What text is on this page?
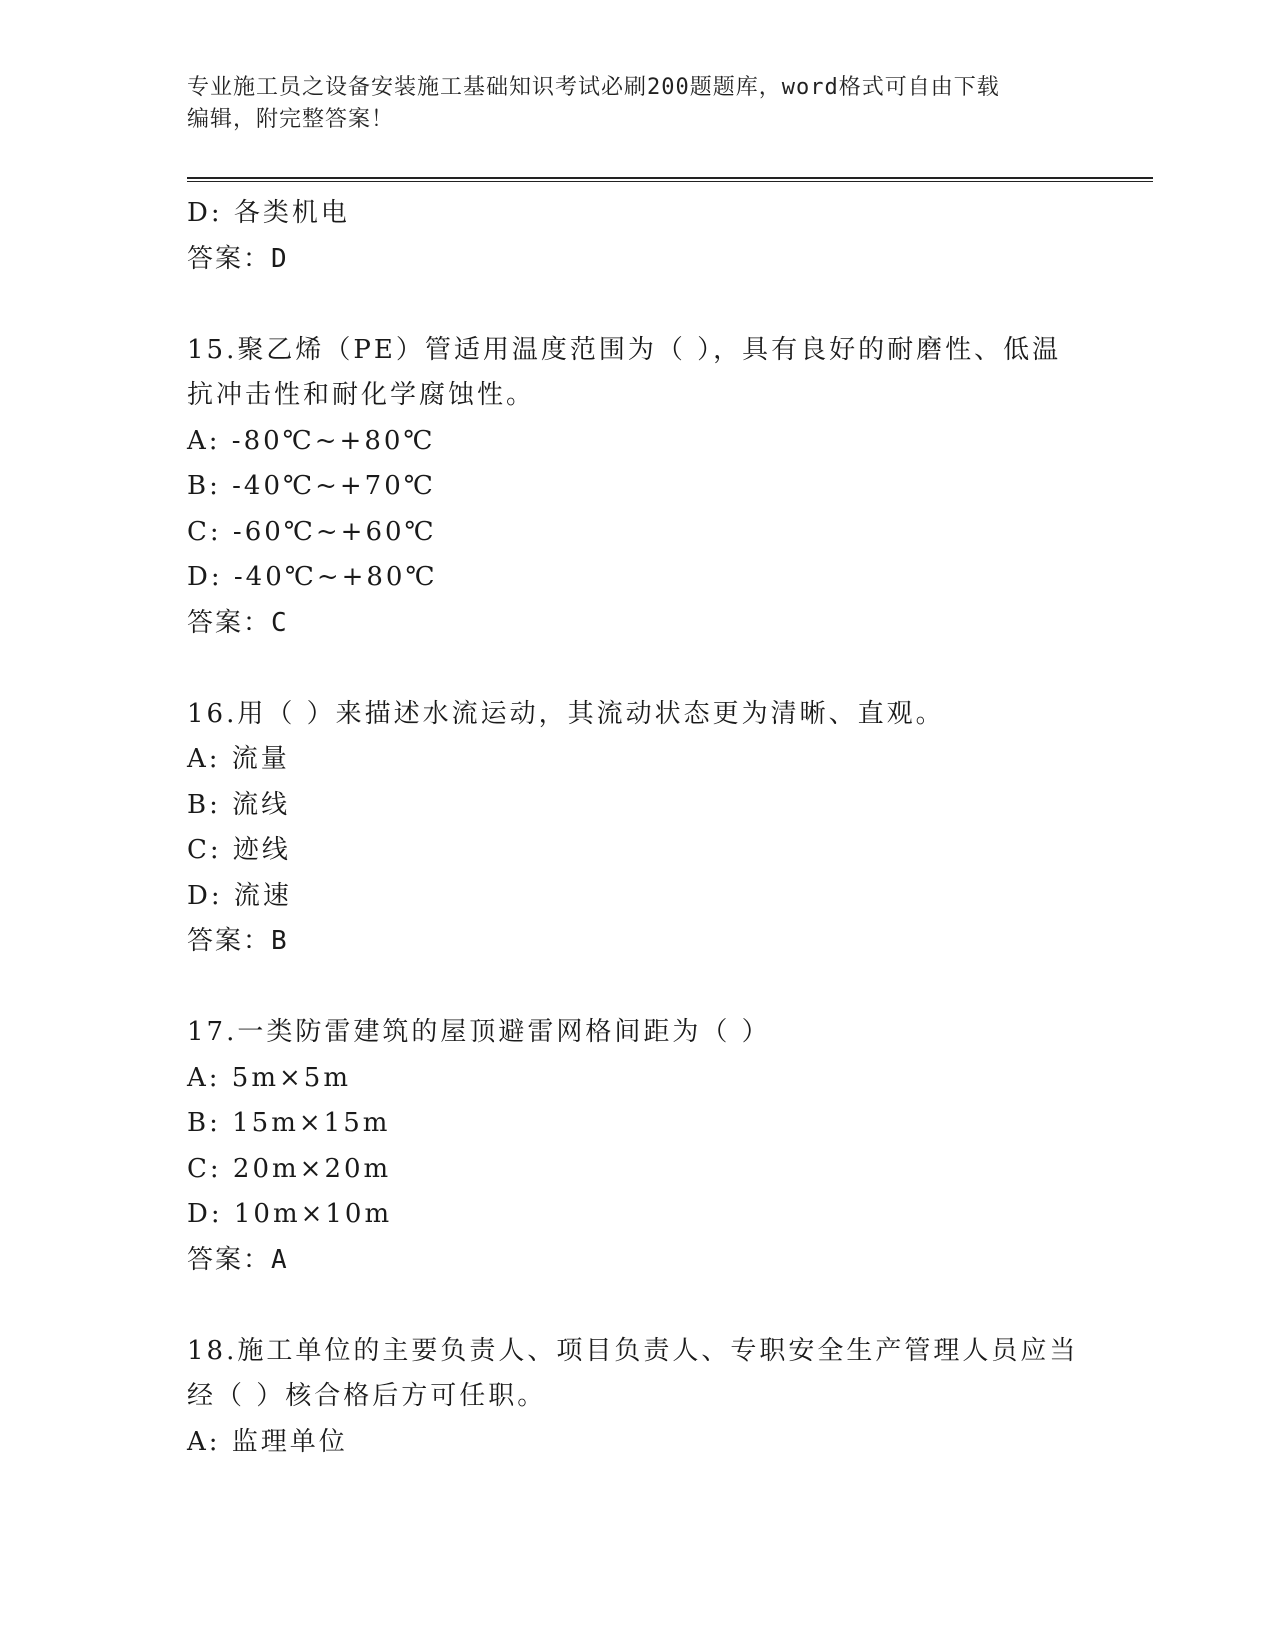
专业施工员之设备安装施工基础知识考试必刷200题题库，word格式可自由下载
编辑，附完整答案！
D: 各类机电
答案：D
15.聚乙烯（PE）管适用温度范围为（ ），具有良好的耐磨性、低温
抗冲击性和耐化学腐蚀性。
A: -80℃~+80℃
B: -40℃~+70℃
C: -60℃~+60℃
D: -40℃~+80℃
答案：C
16.用（ ）来描述水流运动，其流动状态更为清晰、直观。
A: 流量
B: 流线
C: 迹线
D: 流速
答案：B
17.一类防雷建筑的屋顶避雷网格间距为（ ）
A: 5m×5m
B: 15m×15m
C: 20m×20m
D: 10m×10m
答案：A
18.施工单位的主要负责人、项目负责人、专职安全生产管理人员应当
经（ ）核合格后方可任职。
A: 监理单位
